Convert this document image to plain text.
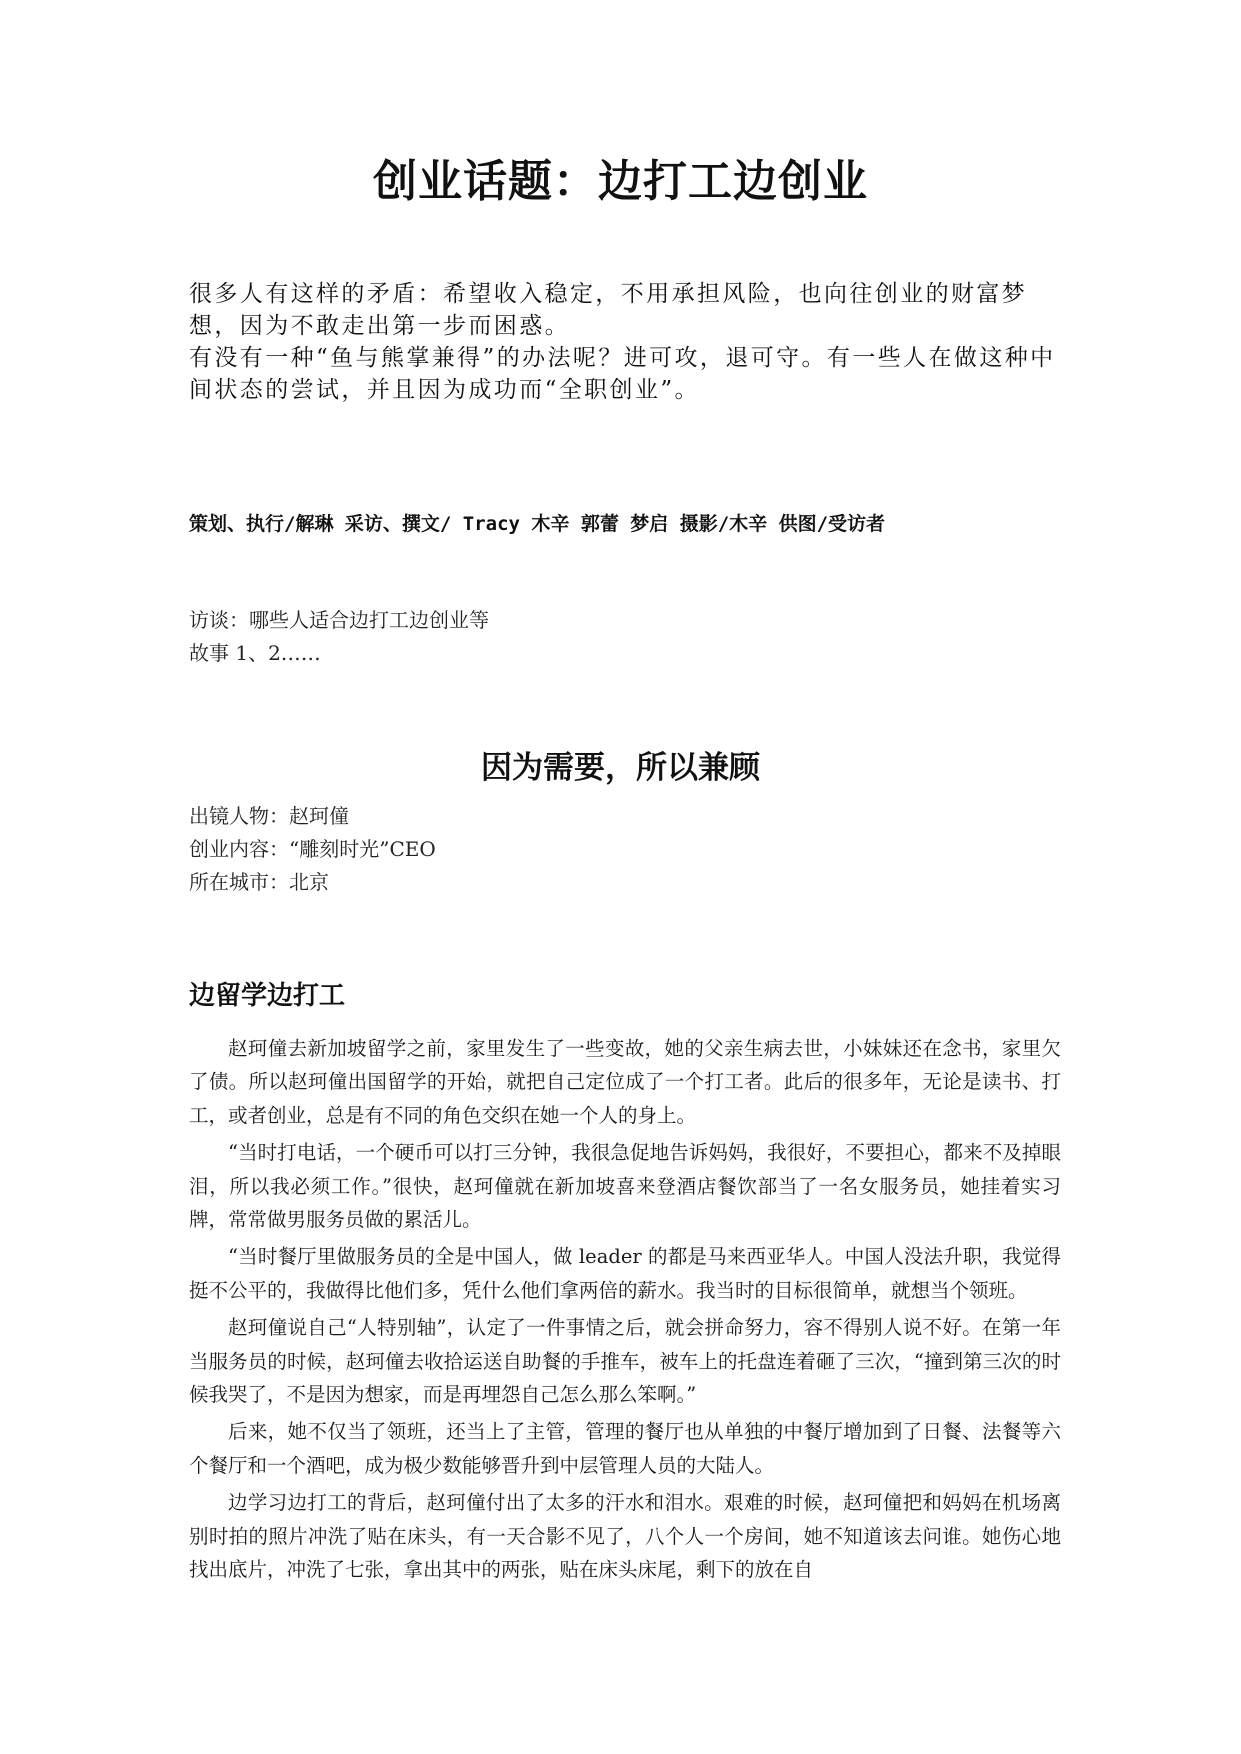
创业话题：边打工边创业

很多人有这样的矛盾：希望收入稳定，不用承担风险，也向往创业的财富梦想，因为不敢走出第一步而困惑。

有没有一种“鱼与熊掌兼得”的办法呢？进可攻，退可守。有一些人在做这种中间状态的尝试，并且因为成功而“全职创业”。

策划、执行/解琳 采访、撰文/ Tracy 木辛 郭蕾 梦启 摄影/木辛 供图/受访者
访谈：哪些人适合边打工边创业等
故事 1、2……
因为需要，所以兼顾
出镜人物：赵珂僮
创业内容：“雕刻时光”CEO
所在城市：北京
边留学边打工

赵珂僮去新加坡留学之前，家里发生了一些变故，她的父亲生病去世，小妹妹还在念书，家里欠了债。所以赵珂僮出国留学的开始，就把自己定位成了一个打工者。此后的很多年，无论是读书、打工，或者创业，总是有不同的角色交织在她一个人的身上。

“当时打电话，一个硬币可以打三分钟，我很急促地告诉妈妈，我很好，不要担心，都来不及掉眼泪，所以我必须工作。”很快，赵珂僮就在新加坡喜来登酒店餐饮部当了一名女服务员，她挂着实习牌，常常做男服务员做的累活儿。

“当时餐厅里做服务员的全是中国人，做 leader 的都是马来西亚华人。中国人没法升职，我觉得挺不公平的，我做得比他们多，凭什么他们拿两倍的薪水。我当时的目标很简单，就想当个领班。

赵珂僮说自己“人特别轴”，认定了一件事情之后，就会拼命努力，容不得别人说不好。在第一年当服务员的时候，赵珂僮去收拾运送自助餐的手推车，被车上的托盘连着砸了三次，“撞到第三次的时候我哭了，不是因为想家，而是再埋怨自己怎么那么笨啊。”

后来，她不仅当了领班，还当上了主管，管理的餐厅也从单独的中餐厅增加到了日餐、法餐等六个餐厅和一个酒吧，成为极少数能够晋升到中层管理人员的大陆人。

边学习边打工的背后，赵珂僮付出了太多的汗水和泪水。艰难的时候，赵珂僮把和妈妈在机场离别时拍的照片冲洗了贴在床头，有一天合影不见了，八个人一个房间，她不知道该去问谁。她伤心地找出底片，冲洗了七张，拿出其中的两张，贴在床头床尾，剩下的放在自
